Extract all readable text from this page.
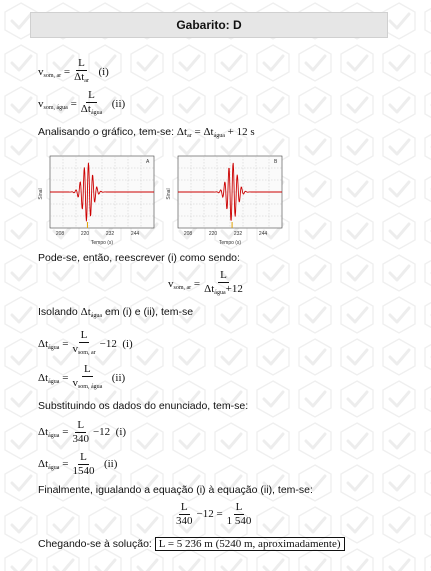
Gabarito: D
$v_{som, ar} = \frac{L}{\Delta t_{ar}} (i)$
$v_{som, água} = \frac{L}{\Delta t_{água}} (ii)$
Analisando o gráfico, tem-se: $\Delta t_{ar} = \Delta t_{água} + 12$ s
A
Sinal
208	220	232	244
Tempo (s)
B
Sinal
208	220	232	244
Tempo (s)
Pode-se, então, reescrever (i) como sendo:
$v_{som, ar} = \frac{L}{\Delta t_{água}+12}$
Isolando $\Delta t_{água}$ em (i) e (ii), tem-se
$\Delta t_{água} = \frac{L}{v_{som, ar}} -12$ (i)
$\Delta t_{água} = \frac{L}{v_{som, água}} (ii)$
Substituindo os dados do enunciado, tem-se:
$\Delta t_{água} = \frac{L}{340} -12$ (i)
$\Delta t_{água} = \frac{L}{1540} (ii)$
Finalmente, igualando a equação (i) à equação (ii), tem-se:
$\frac{L}{340} -12 = \frac{L}{1 540}$
Chegando-se à solução: L = 5 236 m (5240 m, aproximadamente)
